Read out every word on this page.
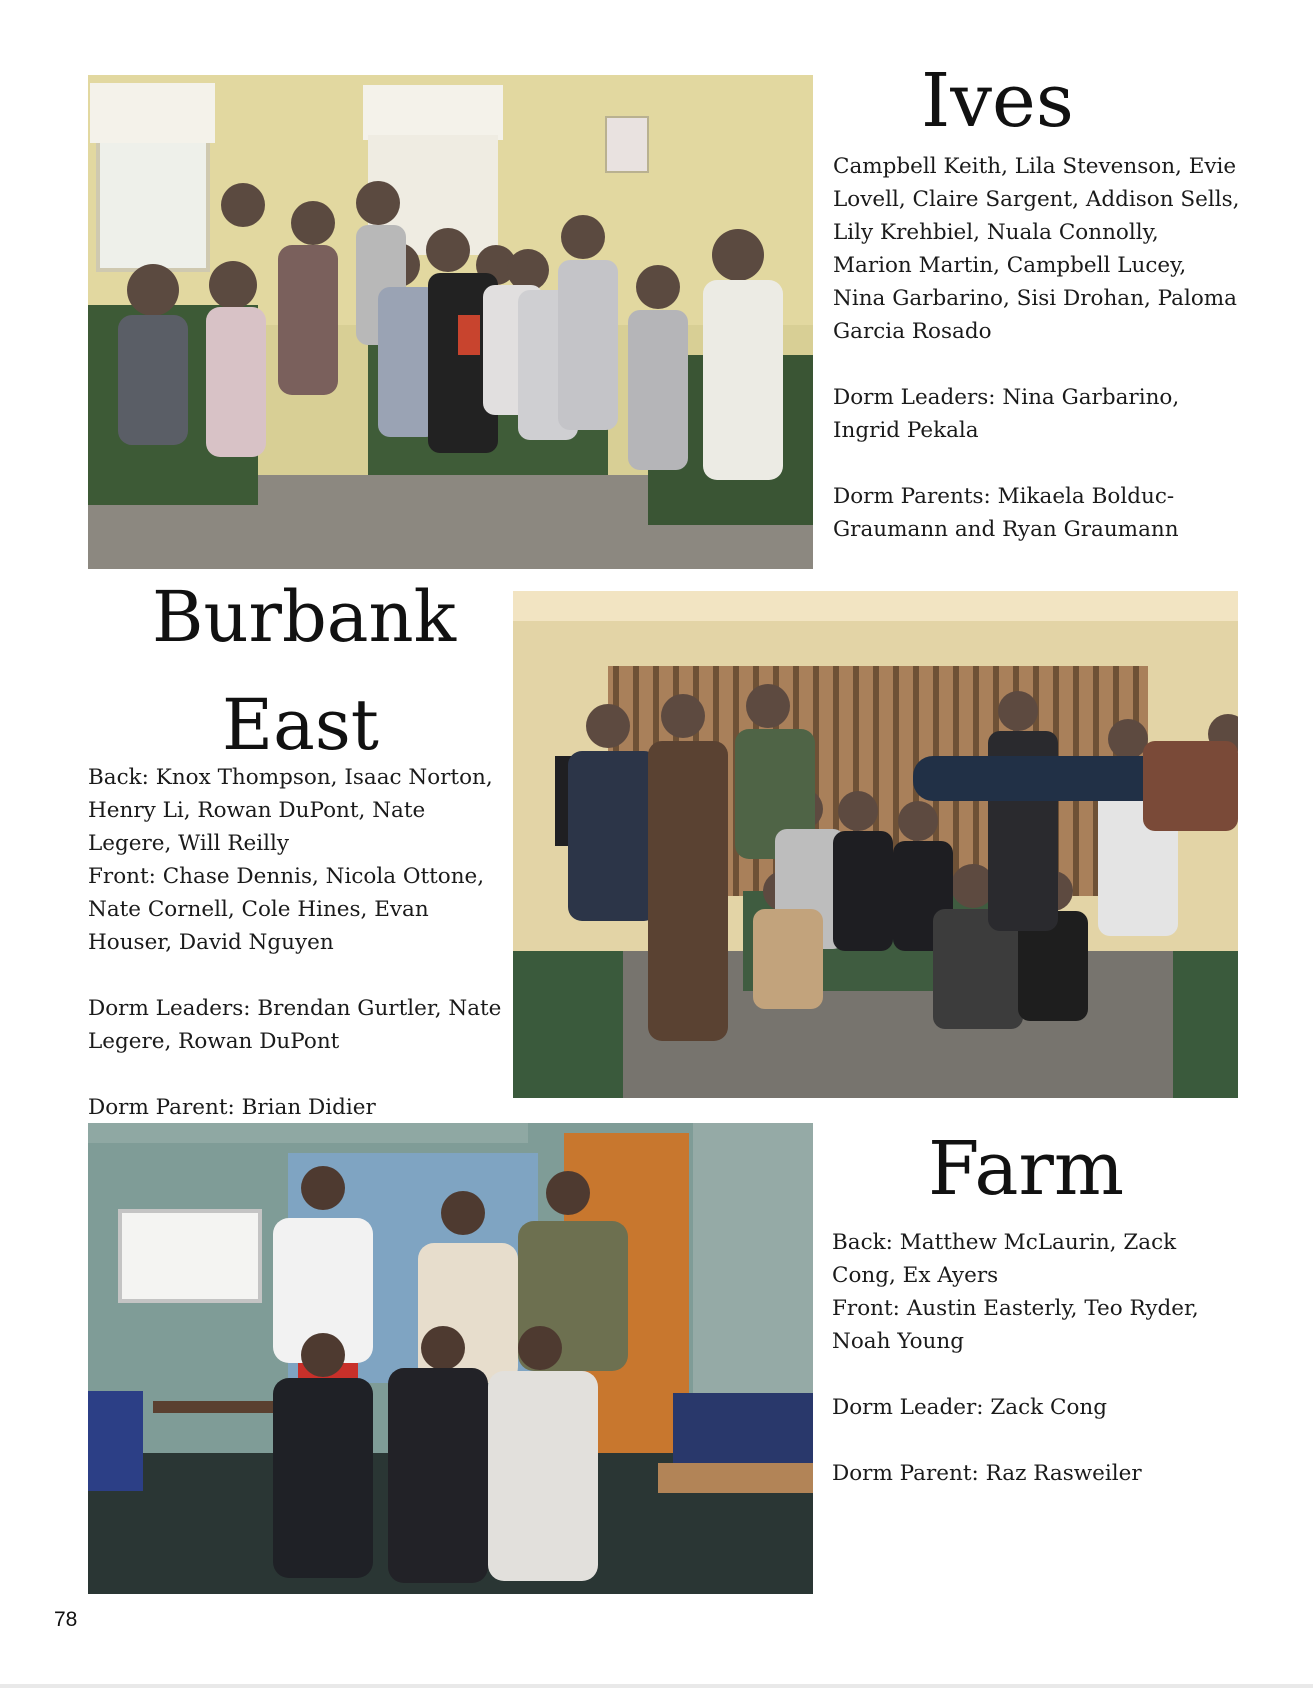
Ives

Campbell Keith, Lila Stevenson, Evie Lovell, Claire Sargent, Addison Sells, Lily Krehbiel, Nuala Connolly, Marion Martin, Campbell Lucey, Nina Garbarino, Sisi Drohan, Paloma Garcia Rosado

Dorm Leaders: Nina Garbarino, Ingrid Pekala

Dorm Parents: Mikaela Bolduc-Graumann and Ryan Graumann

Burbank
East

Back: Knox Thompson, Isaac Norton, Henry Li, Rowan DuPont, Nate Legere, Will Reilly

Front: Chase Dennis, Nicola Ottone, Nate Cornell, Cole Hines, Evan Houser, David Nguyen

Dorm Leaders: Brendan Gurtler, Nate Legere, Rowan DuPont

Dorm Parent: Brian Didier

Farm

Back: Matthew McLaurin, Zack Cong, Ex Ayers

Front: Austin Easterly, Teo Ryder, Noah Young

Dorm Leader: Zack Cong

Dorm Parent: Raz Rasweiler

78
